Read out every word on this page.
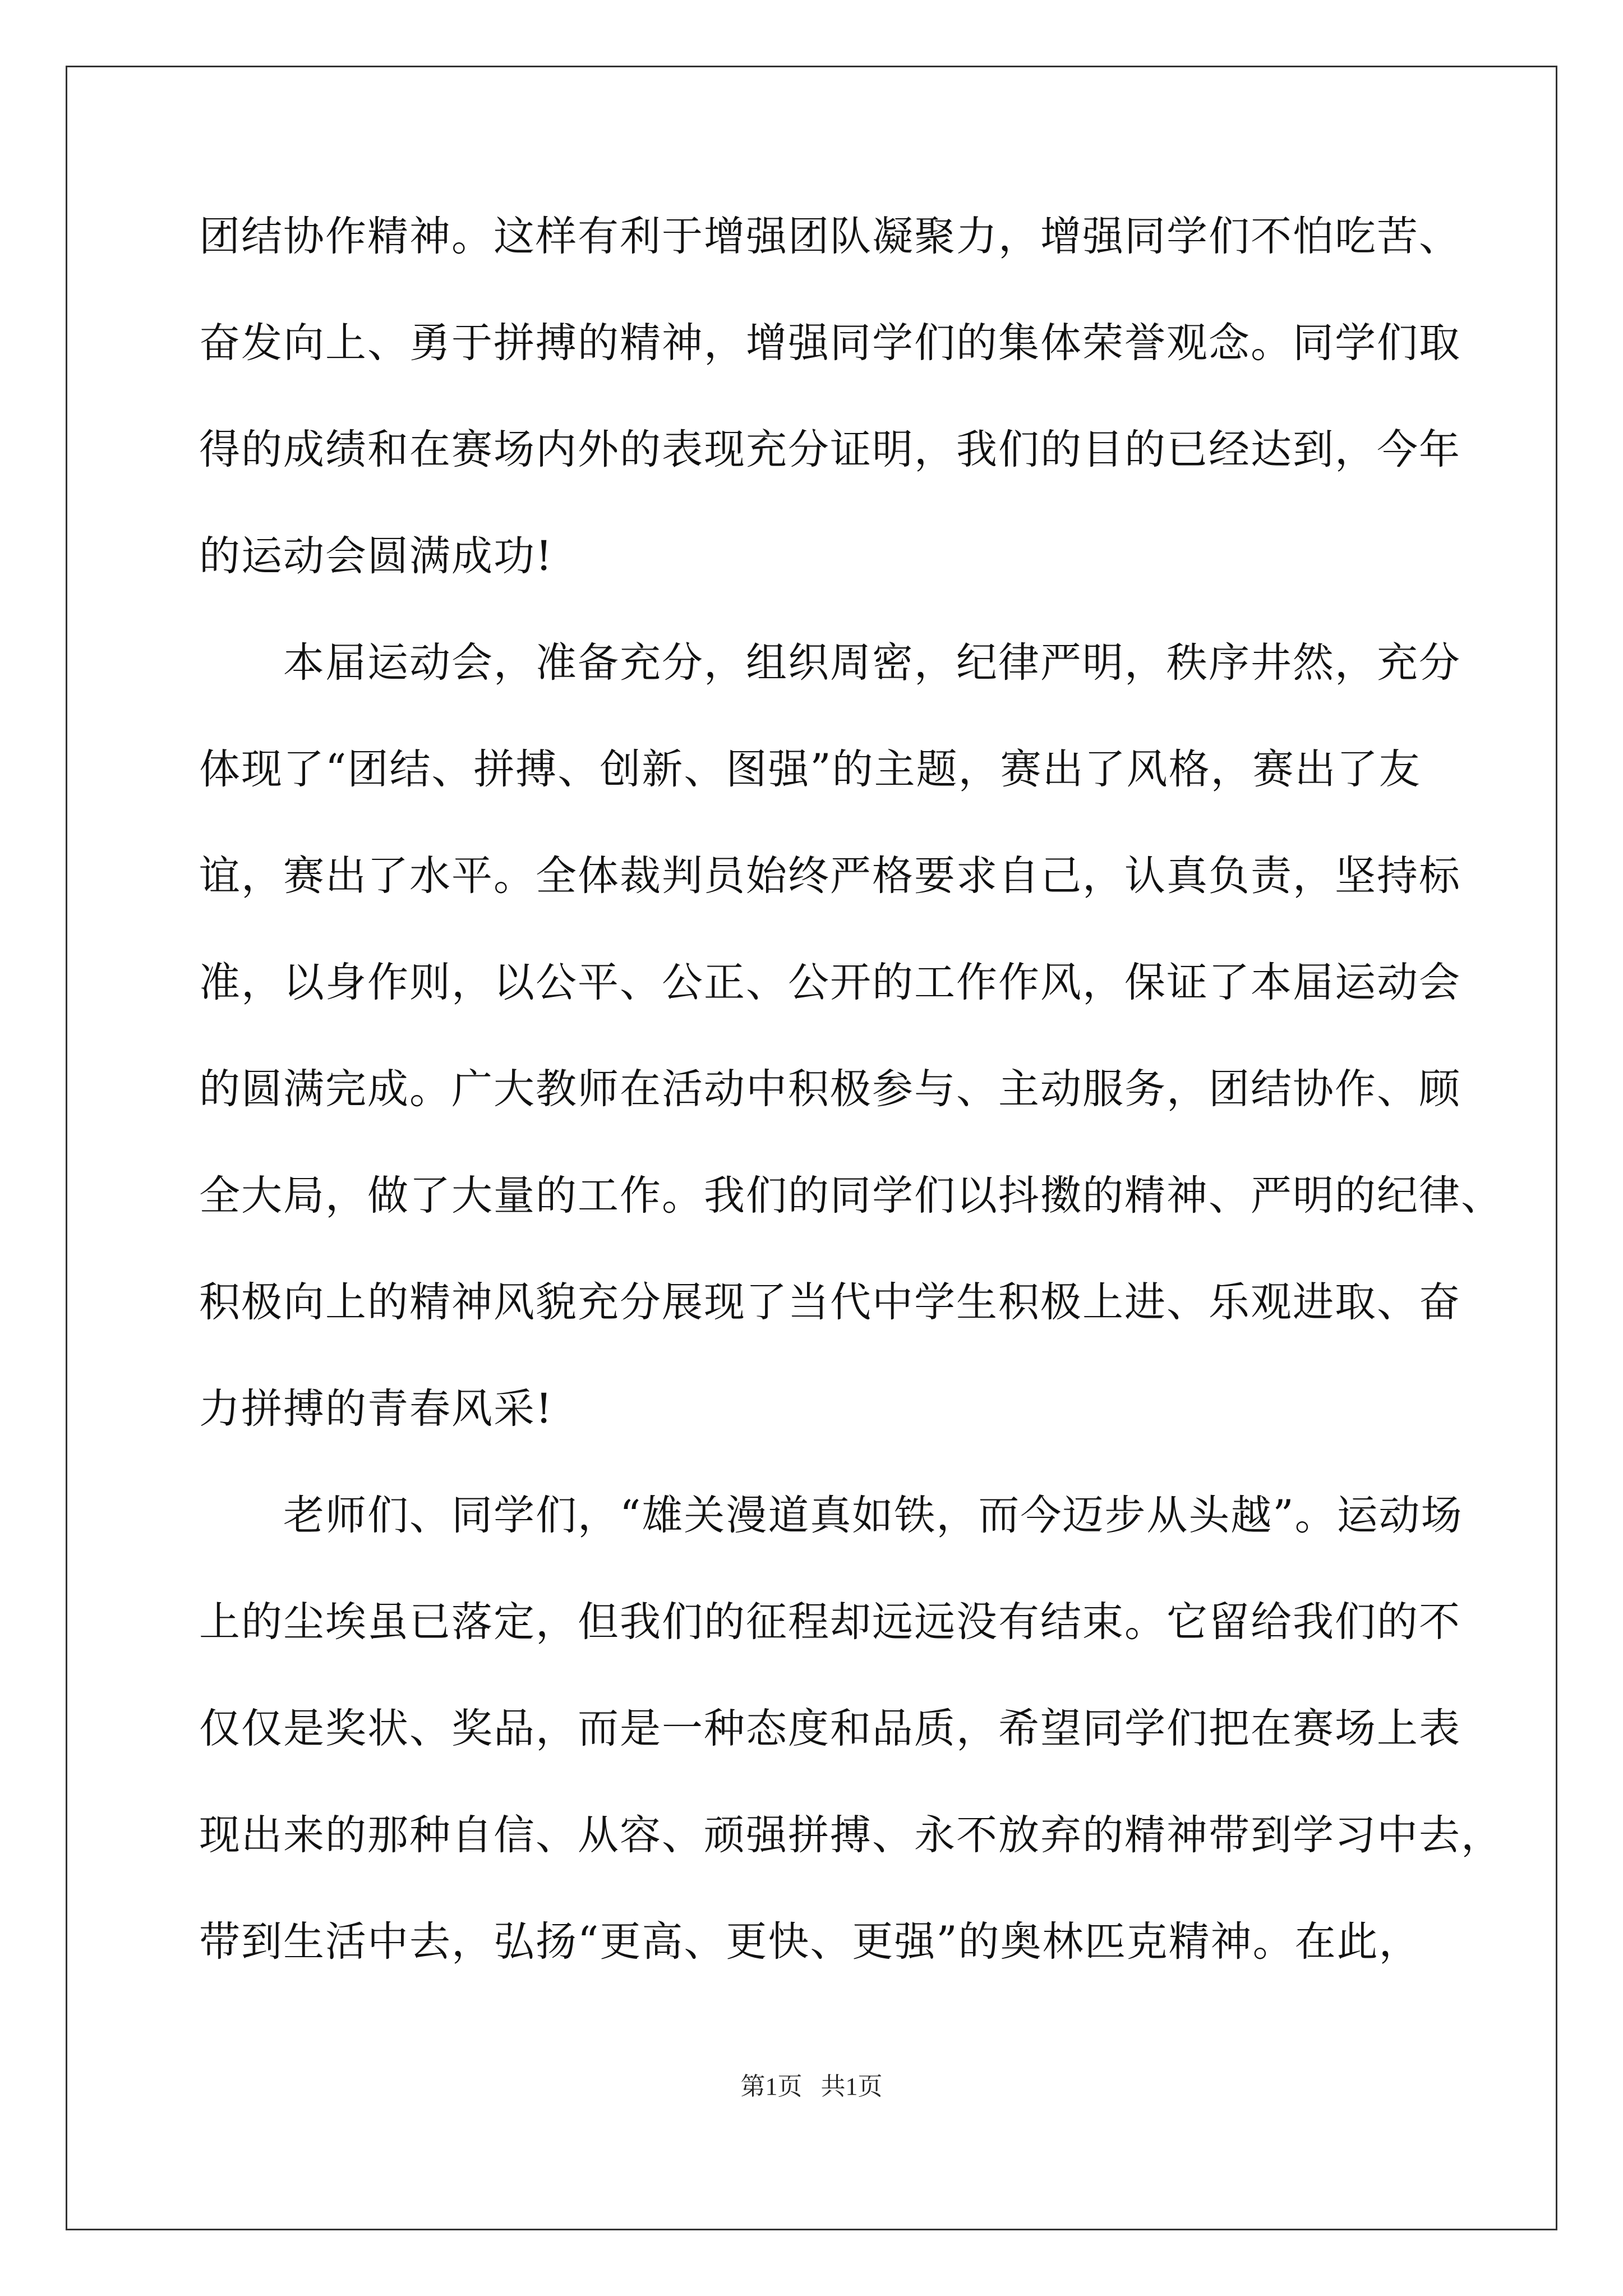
团结协作精神。这样有利于增强团队凝聚力，增强同学们不怕吃苦、
奋发向上、勇于拼搏的精神，增强同学们的集体荣誉观念。同学们取
得的成绩和在赛场内外的表现充分证明，我们的目的已经达到，今年
的运动会圆满成功!
本届运动会，准备充分，组织周密，纪律严明，秩序井然，充分
体现了“团结、拼搏、创新、图强”的主题，赛出了风格，赛出了友
谊，赛出了水平。全体裁判员始终严格要求自己，认真负责，坚持标
准，以身作则，以公平、公正、公开的工作作风，保证了本届运动会
的圆满完成。广大教师在活动中积极参与、主动服务，团结协作、顾
全大局，做了大量的工作。我们的同学们以抖擞的精神、严明的纪律、
积极向上的精神风貌充分展现了当代中学生积极上进、乐观进取、奋
力拼搏的青春风采!
老师们、同学们，“雄关漫道真如铁，而今迈步从头越”。运动场
上的尘埃虽已落定，但我们的征程却远远没有结束。它留给我们的不
仅仅是奖状、奖品，而是一种态度和品质，希望同学们把在赛场上表
现出来的那种自信、从容、顽强拼搏、永不放弃的精神带到学习中去，
带到生活中去，弘扬“更高、更快、更强”的奥林匹克精神。在此，
第1页   共1页
